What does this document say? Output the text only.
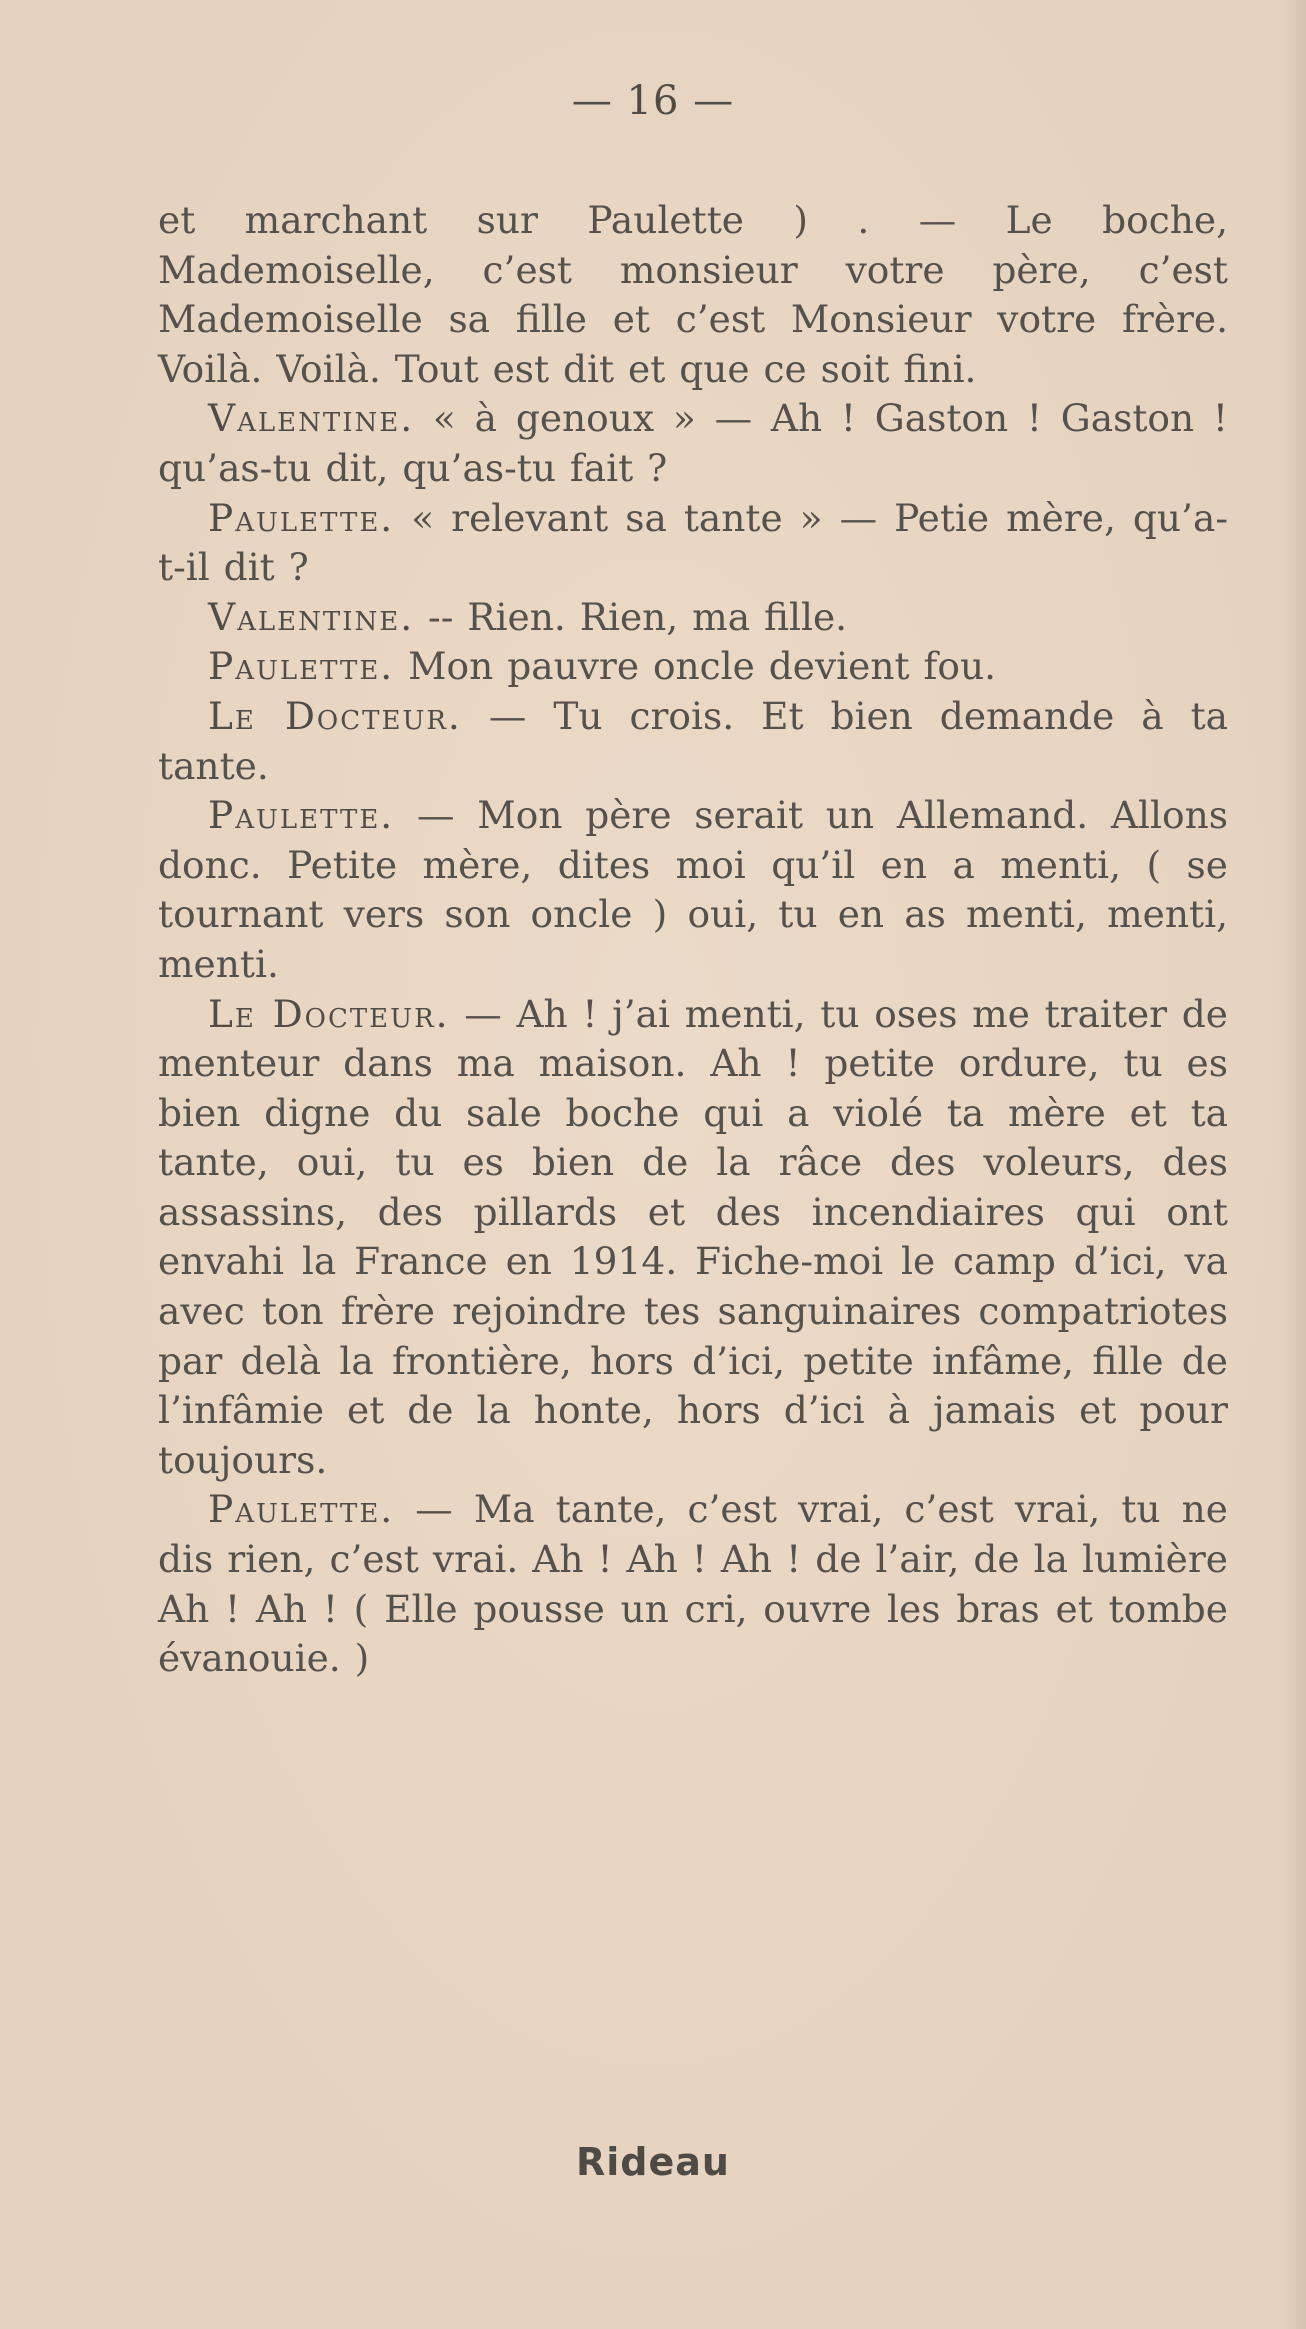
— 16 —

et marchant sur Paulette ) . — Le boche, Mademoiselle, c’est monsieur votre père, c’est Mademoiselle sa fille et c’est Monsieur votre frère. Voilà. Voilà. Tout est dit et que ce soit fini.

Valentine. « à genoux » — Ah ! Gaston ! Gaston ! qu’as-tu dit, qu’as-tu fait ?

Paulette. « relevant sa tante » — Petie mère, qu’a-t-il dit ?

Valentine. -- Rien. Rien, ma fille.

Paulette. Mon pauvre oncle devient fou.

Le Docteur. — Tu crois. Et bien demande à ta tante.

Paulette. — Mon père serait un Allemand. Allons donc. Petite mère, dites moi qu’il en a menti, ( se tournant vers son oncle ) oui, tu en as menti, menti, menti.

Le Docteur. — Ah ! j’ai menti, tu oses me traiter de menteur dans ma maison. Ah ! petite ordure, tu es bien digne du sale boche qui a violé ta mère et ta tante, oui, tu es bien de la râce des voleurs, des assassins, des pillards et des incendiaires qui ont envahi la France en 1914. Fiche-moi le camp d’ici, va avec ton frère rejoindre tes sanguinaires compatriotes par delà la frontière, hors d’ici, petite infâme, fille de l’infâmie et de la honte, hors d’ici à jamais et pour toujours.

Paulette. — Ma tante, c’est vrai, c’est vrai, tu ne dis rien, c’est vrai. Ah ! Ah ! Ah ! de l’air, de la lumière Ah ! Ah ! ( Elle pousse un cri, ouvre les bras et tombe évanouie. )

Rideau
